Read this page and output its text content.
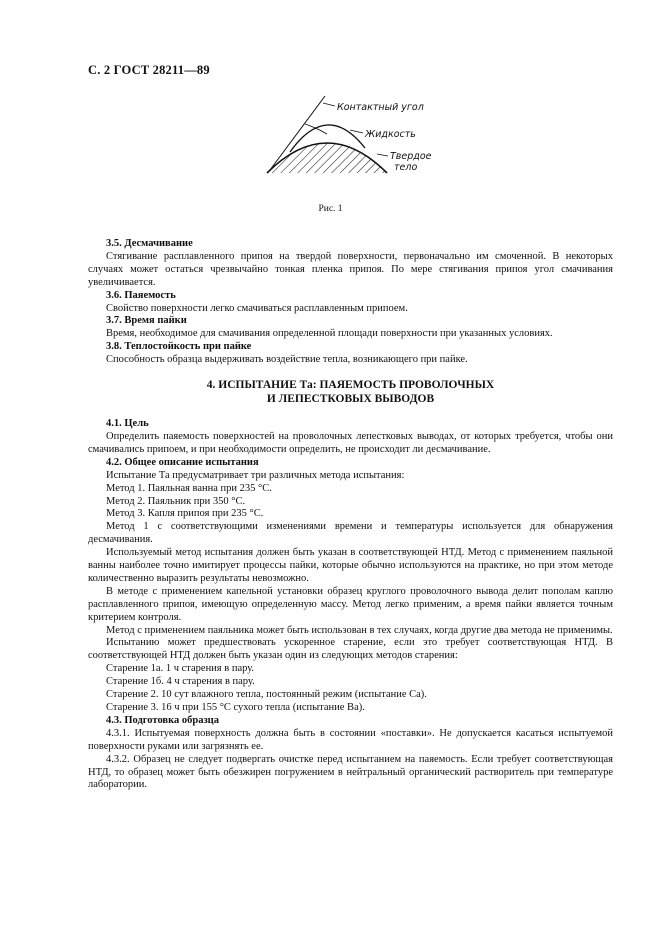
С. 2 ГОСТ 28211—89
Контактный угол
Жидкость
Твердое
тело
Рис. 1

3.5. Десмачивание

Стягивание расплавленного припоя на твердой поверхности, первоначально им смоченной. В некоторых случаях может остаться чрезвычайно тонкая пленка припоя. По мере стягивания припоя угол смачивания увеличивается.

3.6. Паяемость

Свойство поверхности легко смачиваться расплавленным припоем.

3.7. Время пайки

Время, необходимое для смачивания определенной площади поверхности при указанных условиях.

3.8. Теплостойкость при пайке

Способность образца выдерживать воздействие тепла, возникающего при пайке.

4. ИСПЫТАНИЕ Та: ПАЯЕМОСТЬ ПРОВОЛОЧНЫХ
И ЛЕПЕСТКОВЫХ ВЫВОДОВ

4.1. Цель

Определить паяемость поверхностей на проволочных лепестковых выводах, от которых требуется, чтобы они смачивались припоем, и при необходимости определить, не происходит ли десмачивание.

4.2. Общее описание испытания

Испытание Та предусматривает три различных метода испытания:

Метод 1. Паяльная ванна при 235 °С.

Метод 2. Паяльник при 350 °С.

Метод 3. Капля припоя при 235 °С.

Метод 1 с соответствующими изменениями времени и температуры используется для обнаружения десмачивания.

Используемый метод испытания должен быть указан в соответствующей НТД. Метод с применением паяльной ванны наиболее точно имитирует процессы пайки, которые обычно используются на практике, но при этом методе количественно выразить результаты невозможно.

В методе с применением капельной установки образец круглого проволочного вывода делит пополам каплю расплавленного припоя, имеющую определенную массу. Метод легко применим, а время пайки является точным критерием контроля.

Метод с применением паяльника может быть использован в тех случаях, когда другие два метода не применимы.

Испытанию может предшествовать ускоренное старение, если это требует соответствующая НТД. В соответствующей НТД должен быть указан один из следующих методов старения:

Старение 1а. 1 ч старения в пару.

Старение 1б. 4 ч старения в пару.

Старение 2. 10 сут влажного тепла, постоянный режим (испытание Са).

Старение 3. 16 ч при 155 °С сухого тепла (испытание Ва).

4.3. Подготовка образца

4.3.1. Испытуемая поверхность должна быть в состоянии «поставки». Не допускается касаться испытуемой поверхности руками или загрязнять ее.

4.3.2. Образец не следует подвергать очистке перед испытанием на паяемость. Если требует соответствующая НТД, то образец может быть обезжирен погружением в нейтральный органический растворитель при температуре лаборатории.
